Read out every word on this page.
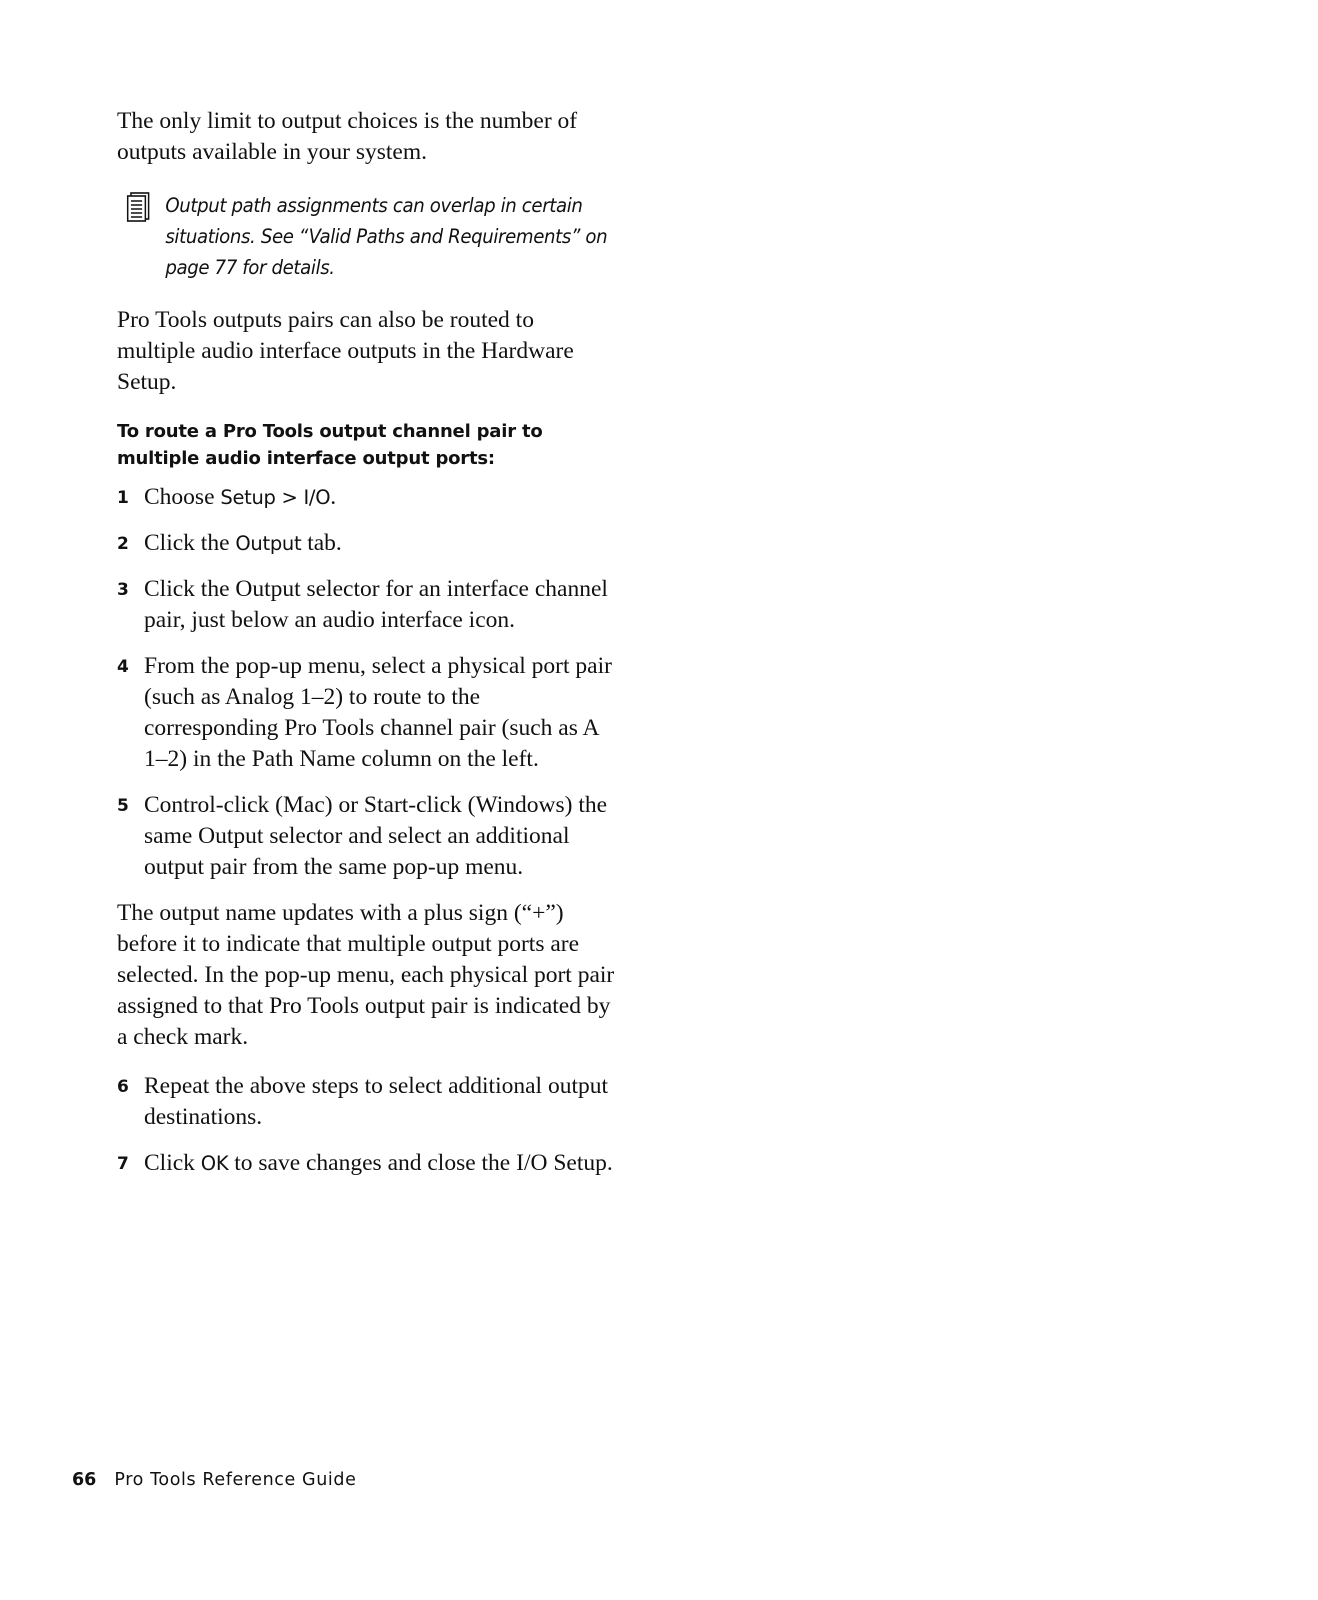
The only limit to output choices is the number of outputs available in your system.

Output path assignments can overlap in certain situations. See “Valid Paths and Requirements” on page 77 for details.

Pro Tools outputs pairs can also be routed to multiple audio interface outputs in the Hardware Setup.

To route a Pro Tools output channel pair to multiple audio interface output ports:
1 Choose Setup > I/O.
2 Click the Output tab.
3 Click the Output selector for an interface channel pair, just below an audio interface icon.
4 From the pop-up menu, select a physical port pair (such as Analog 1–2) to route to the corresponding Pro Tools channel pair (such as A 1–2) in the Path Name column on the left.
5 Control-click (Mac) or Start-click (Windows) the same Output selector and select an additional output pair from the same pop-up menu.

The output name updates with a plus sign (“+”) before it to indicate that multiple output ports are selected. In the pop-up menu, each physical port pair assigned to that Pro Tools output pair is indicated by a check mark.

6 Repeat the above steps to select additional output destinations.
7 Click OK to save changes and close the I/O Setup.
66 Pro Tools Reference Guide
